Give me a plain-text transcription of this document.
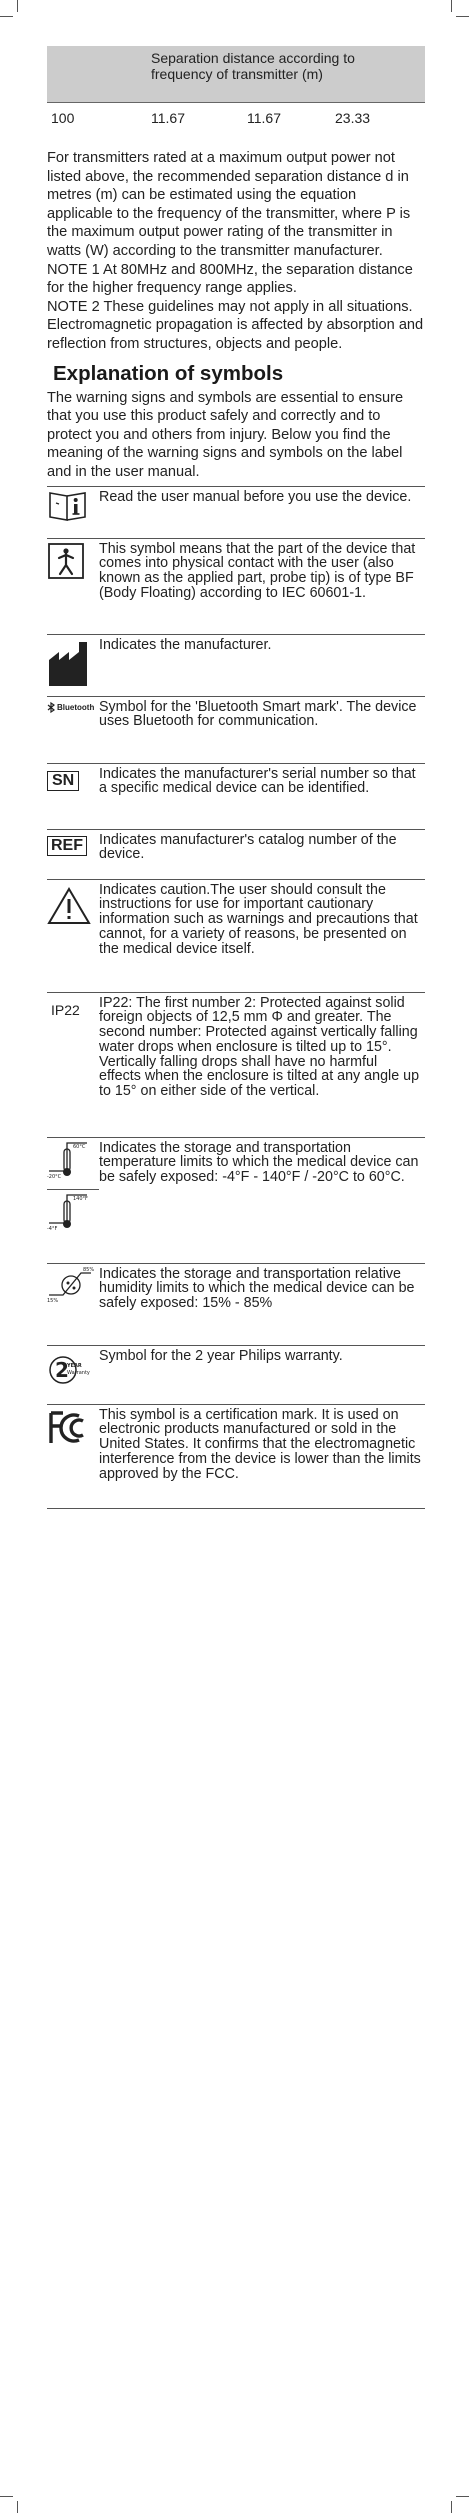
	Separation distance according to frequency of transmitter (m)		
100	11.67	11.67	23.33

For transmitters rated at a maximum output power not listed above, the recommended separation distance d in metres (m) can be estimated using the equation applicable to the frequency of the transmitter, where P is the maximum output power rating of the transmitter in watts (W) according to the transmitter manufacturer.

NOTE 1 At 80MHz and 800MHz, the separation distance for the higher frequency range applies.

NOTE 2 These guidelines may not apply in all situations. Electromagnetic propagation is affected by absorption and reflection from structures, objects and people.

Explanation of symbols

The warning signs and symbols are essential to ensure that you use this product safely and correctly and to protect you and others from injury. Below you find the meaning of the warning signs and symbols on the label and in the user manual.

Read the user manual before you use the device.
This symbol means that the part of the device that comes into physical contact with the user (also known as the applied part, probe tip) is of type BF (Body Floating) according to IEC 60601-1.
Indicates the manufacturer.
Bluetooth Symbol for the 'Bluetooth Smart mark'. The device uses Bluetooth for communication.
SN	Indicates the manufacturer's serial number so that a specific medical device can be identified.
REF Indicates manufacturer's catalog number of the device.
Indicates caution.The user should consult the instructions for use for important cautionary information such as warnings and precautions that cannot, for a variety of reasons, be presented on the medical device itself.
IP22 IP22: The first number 2: Protected against solid foreign objects of 12,5 mm Φ and greater. The second number: Protected against vertically falling water drops when enclosure is tilted up to 15°. Vertically falling drops shall have no harmful effects when the enclosure is tilted at any angle up to 15° on either side of the vertical.
60°C
-20°C
140°F
-4°F
Indicates the storage and transportation temperature limits to which the medical device can be safely exposed: -4°F - 140°F / -20°C to 60°C.
85%
15%
Indicates the storage and transportation relative humidity limits to which the medical device can be safely exposed: 15% - 85%
2
YEAR
Warranty
Symbol for the 2 year Philips warranty.
This symbol is a certification mark. It is used on electronic products manufactured or sold in the United States. It confirms that the electromagnetic interference from the device is lower than the limits approved by the FCC.
